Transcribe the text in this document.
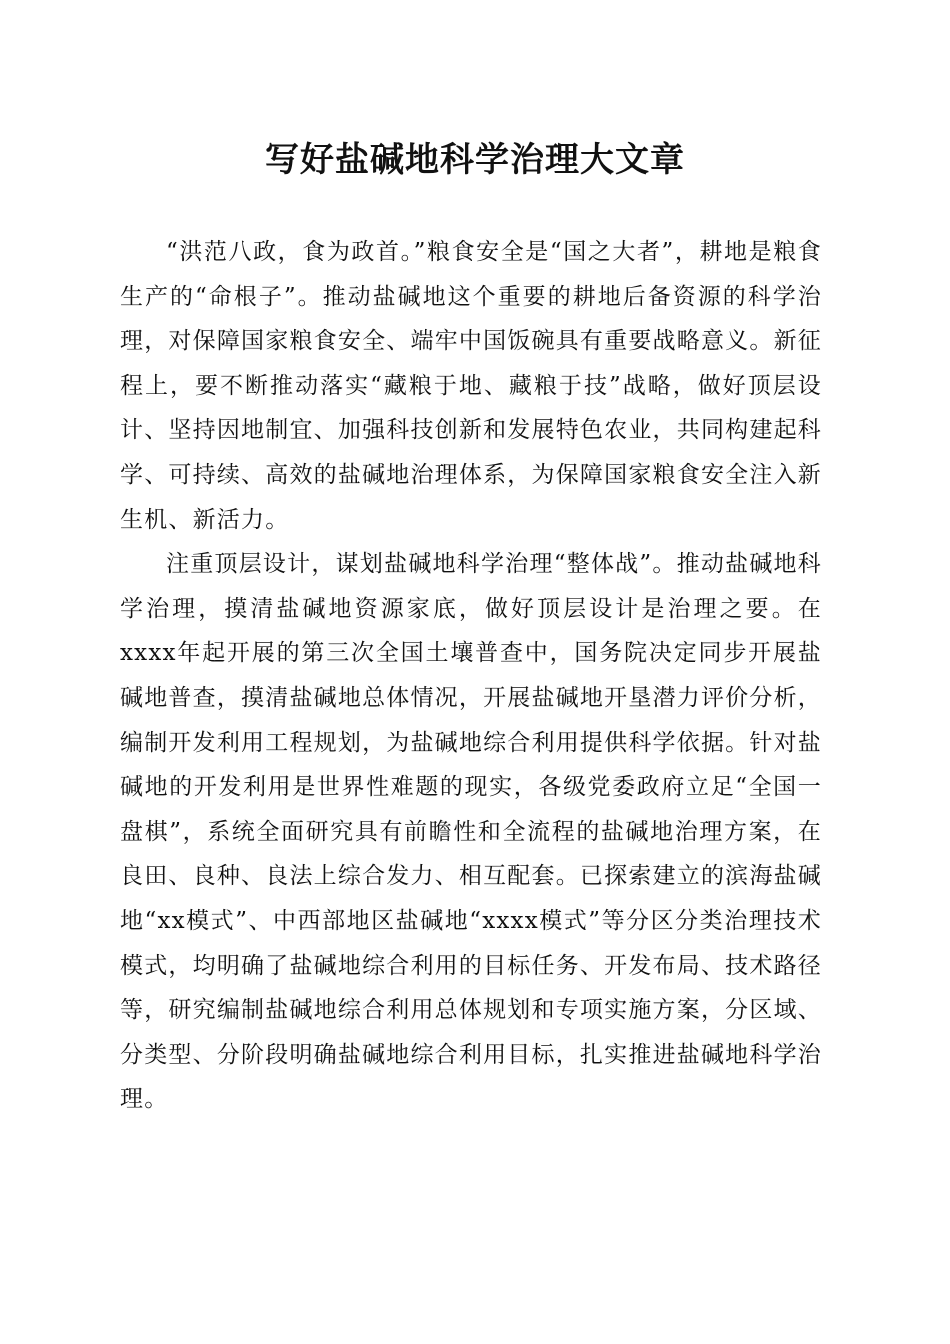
写好盐碱地科学治理大文章

“洪范八政，食为政首。”粮食安全是“国之大者”，耕地是粮食生产的“命根子”。推动盐碱地这个重要的耕地后备资源的科学治理，对保障国家粮食安全、端牢中国饭碗具有重要战略意义。新征程上，要不断推动落实“藏粮于地、藏粮于技”战略，做好顶层设计、坚持因地制宜、加强科技创新和发展特色农业，共同构建起科学、可持续、高效的盐碱地治理体系，为保障国家粮食安全注入新生机、新活力。

注重顶层设计，谋划盐碱地科学治理“整体战”。推动盐碱地科学治理，摸清盐碱地资源家底，做好顶层设计是治理之要。在xxxx年起开展的第三次全国土壤普查中，国务院决定同步开展盐碱地普查，摸清盐碱地总体情况，开展盐碱地开垦潜力评价分析，编制开发利用工程规划，为盐碱地综合利用提供科学依据。针对盐碱地的开发利用是世界性难题的现实，各级党委政府立足“全国一盘棋”，系统全面研究具有前瞻性和全流程的盐碱地治理方案，在良田、良种、良法上综合发力、相互配套。已探索建立的滨海盐碱地“xx模式”、中西部地区盐碱地“xxxx模式”等分区分类治理技术模式，均明确了盐碱地综合利用的目标任务、开发布局、技术路径等，研究编制盐碱地综合利用总体规划和专项实施方案，分区域、分类型、分阶段明确盐碱地综合利用目标，扎实推进盐碱地科学治理。
